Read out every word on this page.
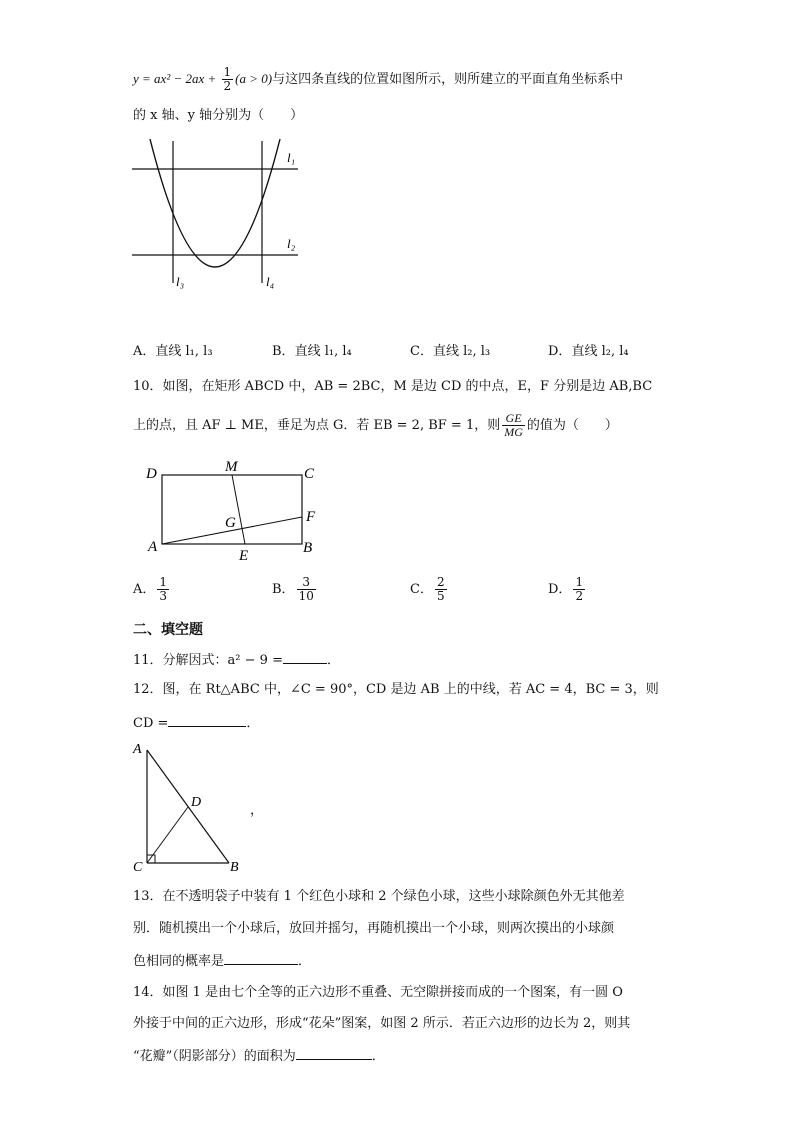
$y = ax^2 - 2ax + \frac{1}{2} (a > 0)$与这四条直线的位置如图所示，则所建立的平面直角坐标系中
的 x 轴、y 轴分别为（　　）
l₁
l₂
l₃	l₄
A．直线 l₁, l₃	B．直线 l₁, l₄	C．直线 l₂, l₃	D．直线 l₂, l₄
10．如图，在矩形 ABCD 中，AB = 2BC，M 是边 CD 的中点，E，F 分别是边 AB,BC
上的点，且 AF ⊥ ME，垂足为点 G．若 EB = 2, BF = 1，则 $\frac{GE}{MG}$ 的值为（　　）
D	M	C
G	F
A
E	B
A． $\frac{1}{3}$	B． $\frac{3}{10}$	C． $\frac{2}{5}$	D． $\frac{1}{2}$
二、填空题
11．分解因式：a² − 9 =	．
12．图，在 Rt△ABC 中，∠C = 90°，CD 是边 AB 上的中线，若 AC = 4，BC = 3，则
CD =	．
A
D
C	B
，
13．在不透明袋子中装有 1 个红色小球和 2 个绿色小球，这些小球除颜色外无其他差
别．随机摸出一个小球后，放回并摇匀，再随机摸出一个小球，则两次摸出的小球颜
色相同的概率是	．
14．如图 1 是由七个全等的正六边形不重叠、无空隙拼接而成的一个图案，有一圆 O
外接于中间的正六边形，形成“花朵”图案，如图 2 所示．若正六边形的边长为 2，则其
“花瓣”（阴影部分）的面积为	．
